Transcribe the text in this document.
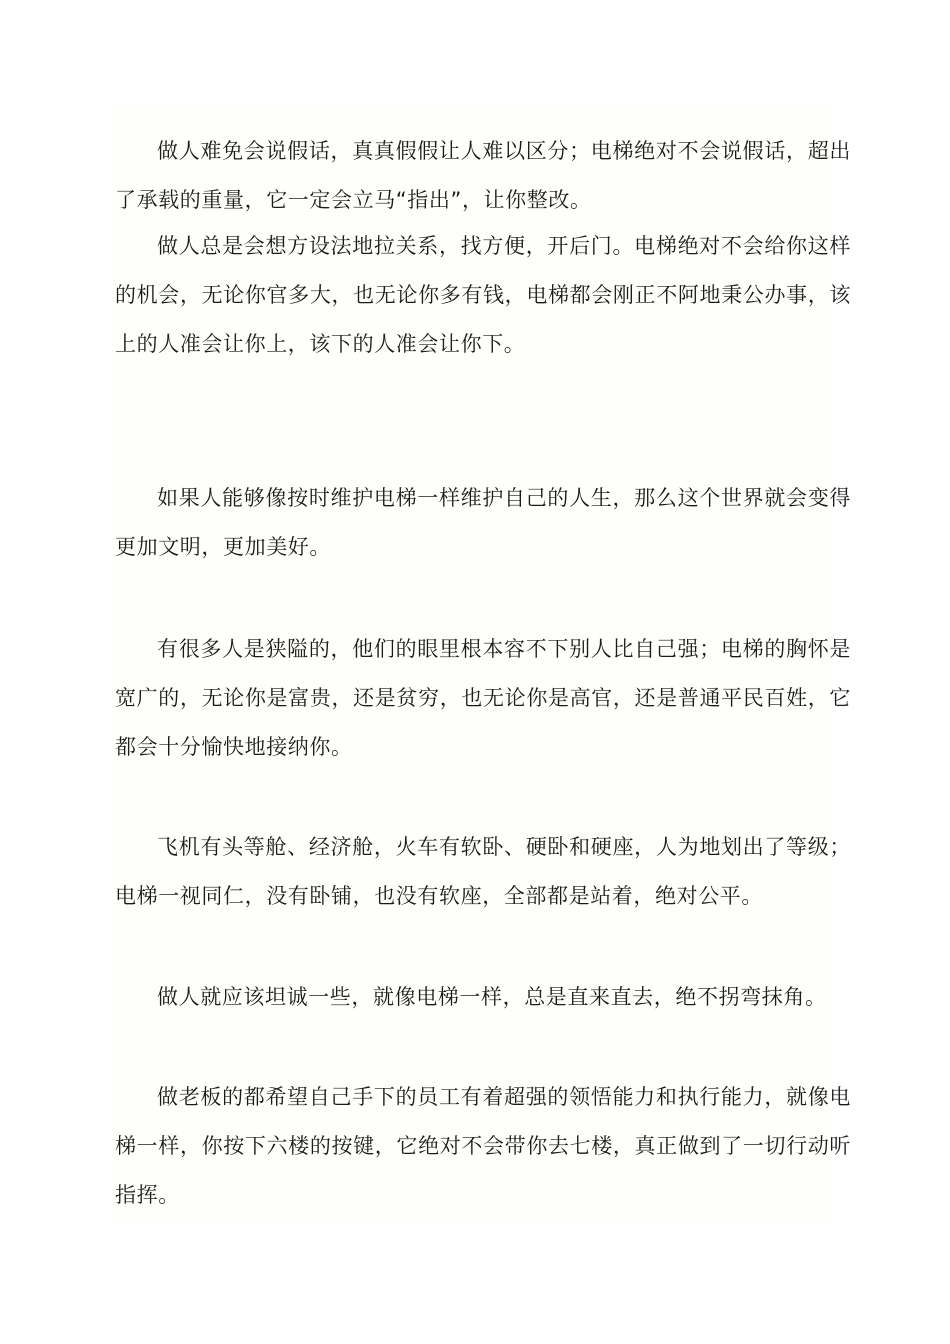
做人难免会说假话，真真假假让人难以区分；电梯绝对不会说假话，超出了承载的重量，它一定会立马“指出”，让你整改。

做人总是会想方设法地拉关系，找方便，开后门。电梯绝对不会给你这样的机会，无论你官多大，也无论你多有钱，电梯都会刚正不阿地秉公办事，该上的人准会让你上，该下的人准会让你下。

如果人能够像按时维护电梯一样维护自己的人生，那么这个世界就会变得更加文明，更加美好。

有很多人是狭隘的，他们的眼里根本容不下别人比自己强；电梯的胸怀是宽广的，无论你是富贵，还是贫穷，也无论你是高官，还是普通平民百姓，它都会十分愉快地接纳你。

飞机有头等舱、经济舱，火车有软卧、硬卧和硬座，人为地划出了等级；电梯一视同仁，没有卧铺，也没有软座，全部都是站着，绝对公平。

做人就应该坦诚一些，就像电梯一样，总是直来直去，绝不拐弯抹角。

做老板的都希望自己手下的员工有着超强的领悟能力和执行能力，就像电梯一样，你按下六楼的按键，它绝对不会带你去七楼，真正做到了一切行动听指挥。
